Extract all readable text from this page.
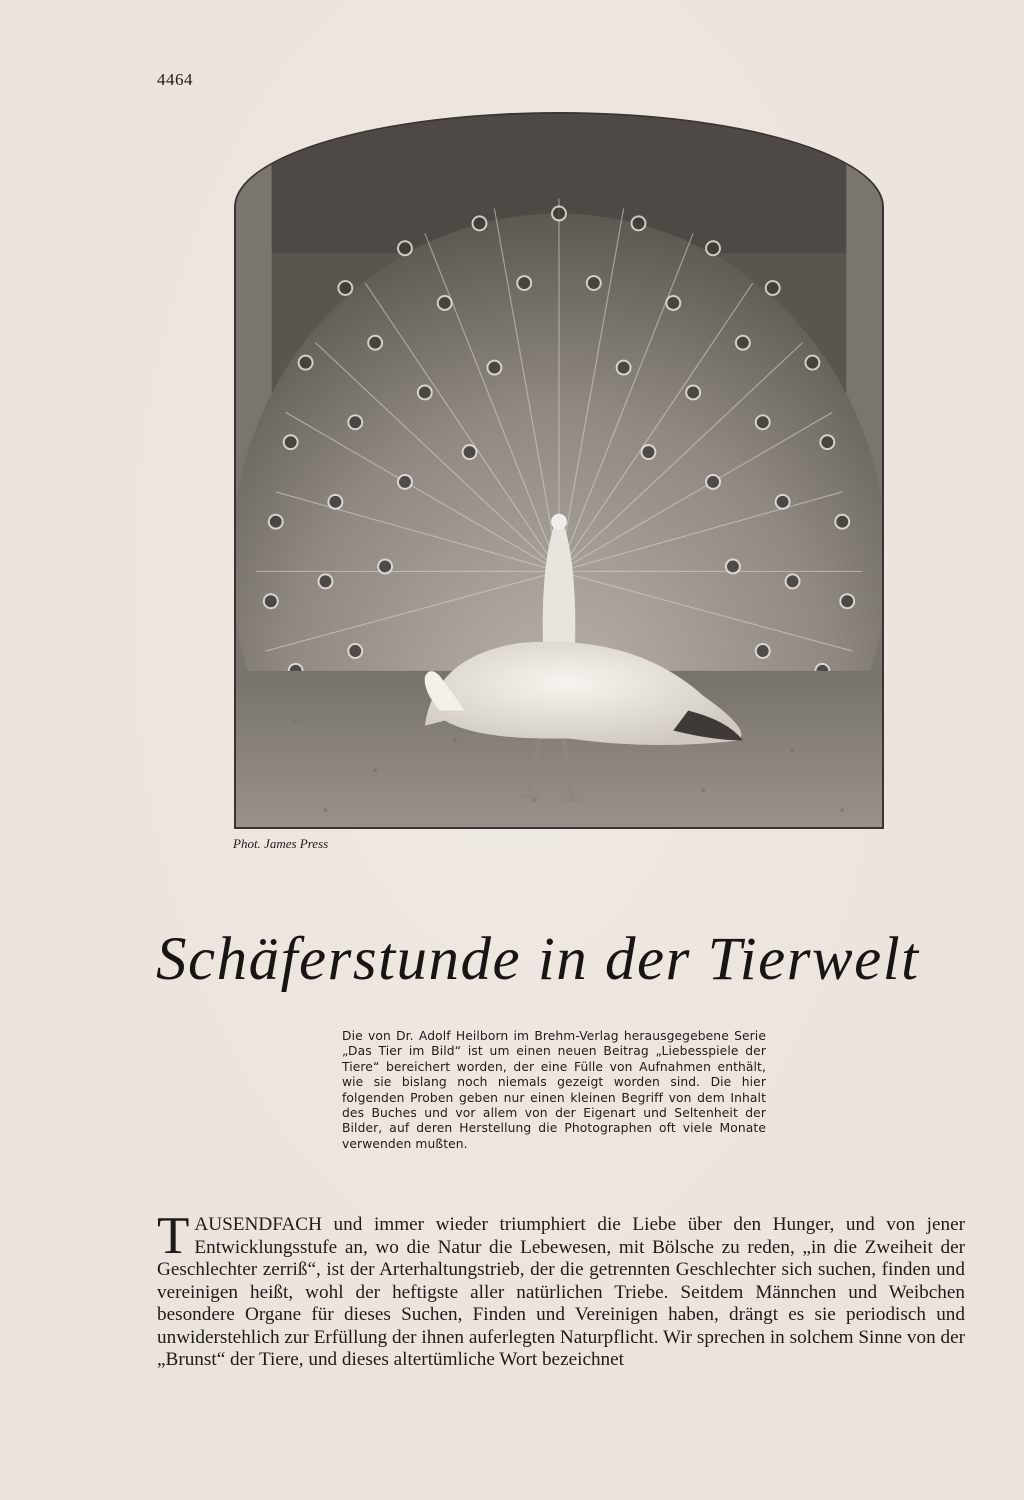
4464
Phot. James Press
Schäferstunde in der Tierwelt
Die von Dr. Adolf Heilborn im Brehm-Verlag herausgegebene Serie „Das Tier im Bild“ ist um einen neuen Beitrag „Liebesspiele der Tiere“ bereichert worden, der eine Fülle von Aufnahmen enthält, wie sie bislang noch niemals gezeigt worden sind. Die hier folgenden Proben geben nur einen kleinen Begriff von dem Inhalt des Buches und vor allem von der Eigenart und Seltenheit der Bilder, auf deren Herstellung die Photographen oft viele Monate verwenden mußten.
T AUSENDFACH und immer wieder triumphiert die Liebe über den Hunger, und von jener Entwicklungsstufe an, wo die Natur die Lebewesen, mit Bölsche zu reden, „in die Zweiheit der Geschlechter zerriß“, ist der Arterhaltungstrieb, der die getrennten Geschlechter sich suchen, finden und vereinigen heißt, wohl der heftigste aller natürlichen Triebe. Seitdem Männchen und Weibchen besondere Organe für dieses Suchen, Finden und Vereinigen haben, drängt es sie periodisch und unwiderstehlich zur Erfüllung der ihnen auferlegten Naturpflicht. Wir sprechen in solchem Sinne von der „Brunst“ der Tiere, und dieses altertümliche Wort bezeichnet
